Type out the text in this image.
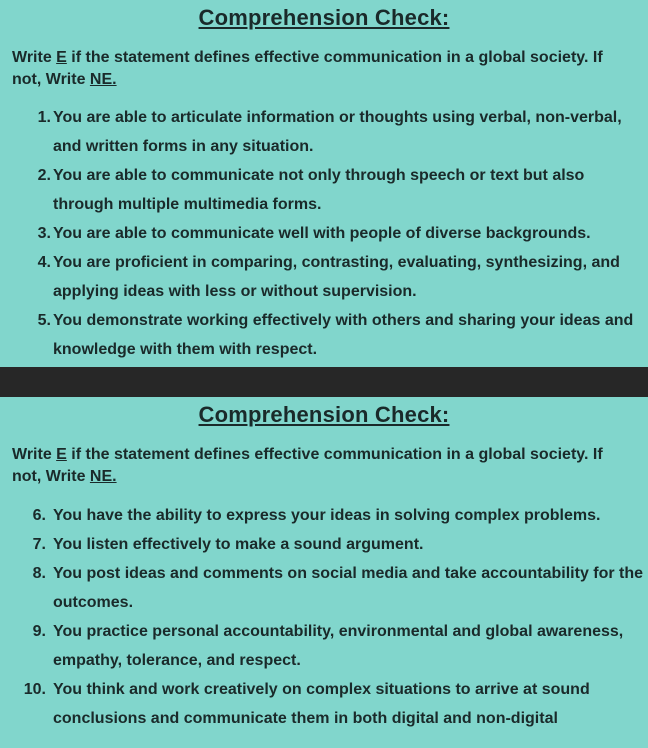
Comprehension Check:

Write E if the statement defines effective communication in a global society. If not, Write NE.

1. You are able to articulate information or thoughts using verbal, non-verbal, and written forms in any situation.
2. You are able to communicate not only through speech or text but also through multiple multimedia forms.
3. You are able to communicate well with people of diverse backgrounds.
4. You are proficient in comparing, contrasting, evaluating, synthesizing, and applying ideas with less or without supervision.
5. You demonstrate working effectively with others and sharing your ideas and knowledge with them with respect.
Comprehension Check:

Write E if the statement defines effective communication in a global society. If not, Write NE.

6. You have the ability to express your ideas in solving complex problems.
7. You listen effectively to make a sound argument.
8. You post ideas and comments on social media and take accountability for the outcomes.
9. You practice personal accountability, environmental and global awareness, empathy, tolerance, and respect.
10. You think and work creatively on complex situations to arrive at sound conclusions and communicate them in both digital and non-digital
